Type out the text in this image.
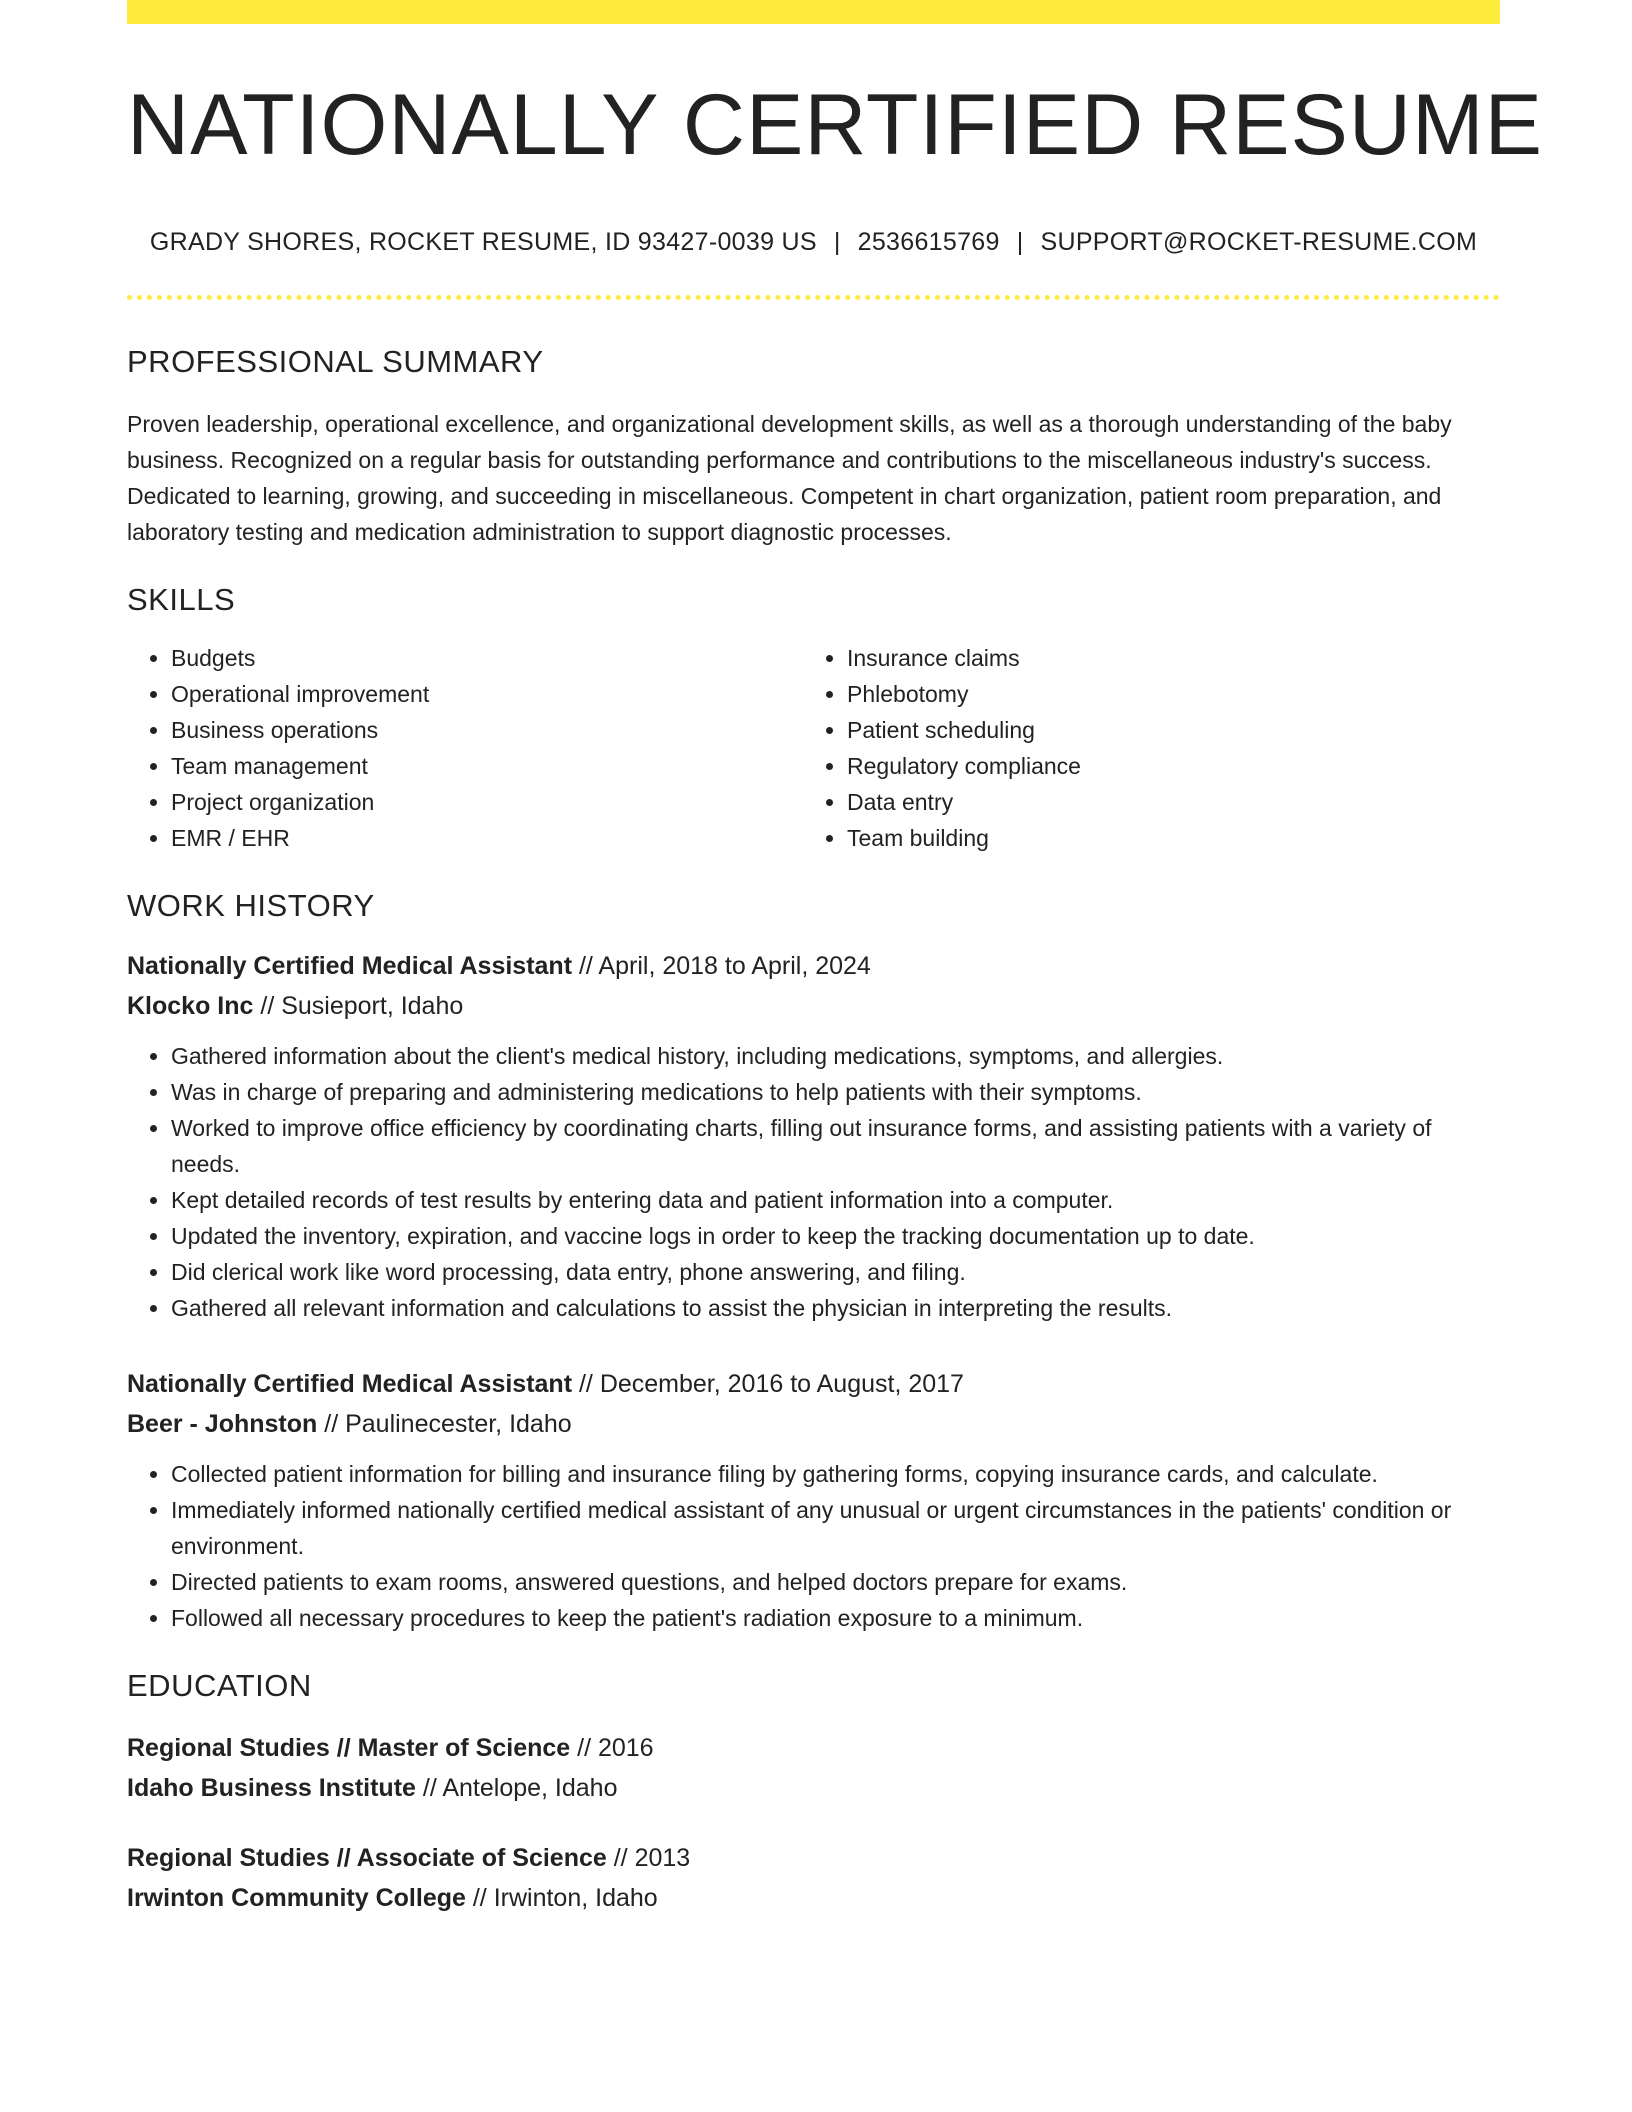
NATIONALLY CERTIFIED RESUME
GRADY SHORES, ROCKET RESUME, ID 93427-0039 US | 2536615769 | SUPPORT@ROCKET-RESUME.COM
PROFESSIONAL SUMMARY

Proven leadership, operational excellence, and organizational development skills, as well as a thorough understanding of the baby business. Recognized on a regular basis for outstanding performance and contributions to the miscellaneous industry's success. Dedicated to learning, growing, and succeeding in miscellaneous. Competent in chart organization, patient room preparation, and laboratory testing and medication administration to support diagnostic processes.

SKILLS
• Budgets
• Operational improvement
• Business operations
• Team management
• Project organization
• EMR / EHR
• Insurance claims
• Phlebotomy
• Patient scheduling
• Regulatory compliance
• Data entry
• Team building
WORK HISTORY
Nationally Certified Medical Assistant // April, 2018 to April, 2024
Klocko Inc // Susieport, Idaho
• Gathered information about the client's medical history, including medications, symptoms, and allergies.
• Was in charge of preparing and administering medications to help patients with their symptoms.
• Worked to improve office efficiency by coordinating charts, filling out insurance forms, and assisting patients with a variety of needs.
• Kept detailed records of test results by entering data and patient information into a computer.
• Updated the inventory, expiration, and vaccine logs in order to keep the tracking documentation up to date.
• Did clerical work like word processing, data entry, phone answering, and filing.
• Gathered all relevant information and calculations to assist the physician in interpreting the results.
Nationally Certified Medical Assistant // December, 2016 to August, 2017
Beer - Johnston // Paulinecester, Idaho
• Collected patient information for billing and insurance filing by gathering forms, copying insurance cards, and calculate.
• Immediately informed nationally certified medical assistant of any unusual or urgent circumstances in the patients' condition or environment.
• Directed patients to exam rooms, answered questions, and helped doctors prepare for exams.
• Followed all necessary procedures to keep the patient's radiation exposure to a minimum.
EDUCATION
Regional Studies // Master of Science // 2016
Idaho Business Institute // Antelope, Idaho
Regional Studies // Associate of Science // 2013
Irwinton Community College // Irwinton, Idaho
